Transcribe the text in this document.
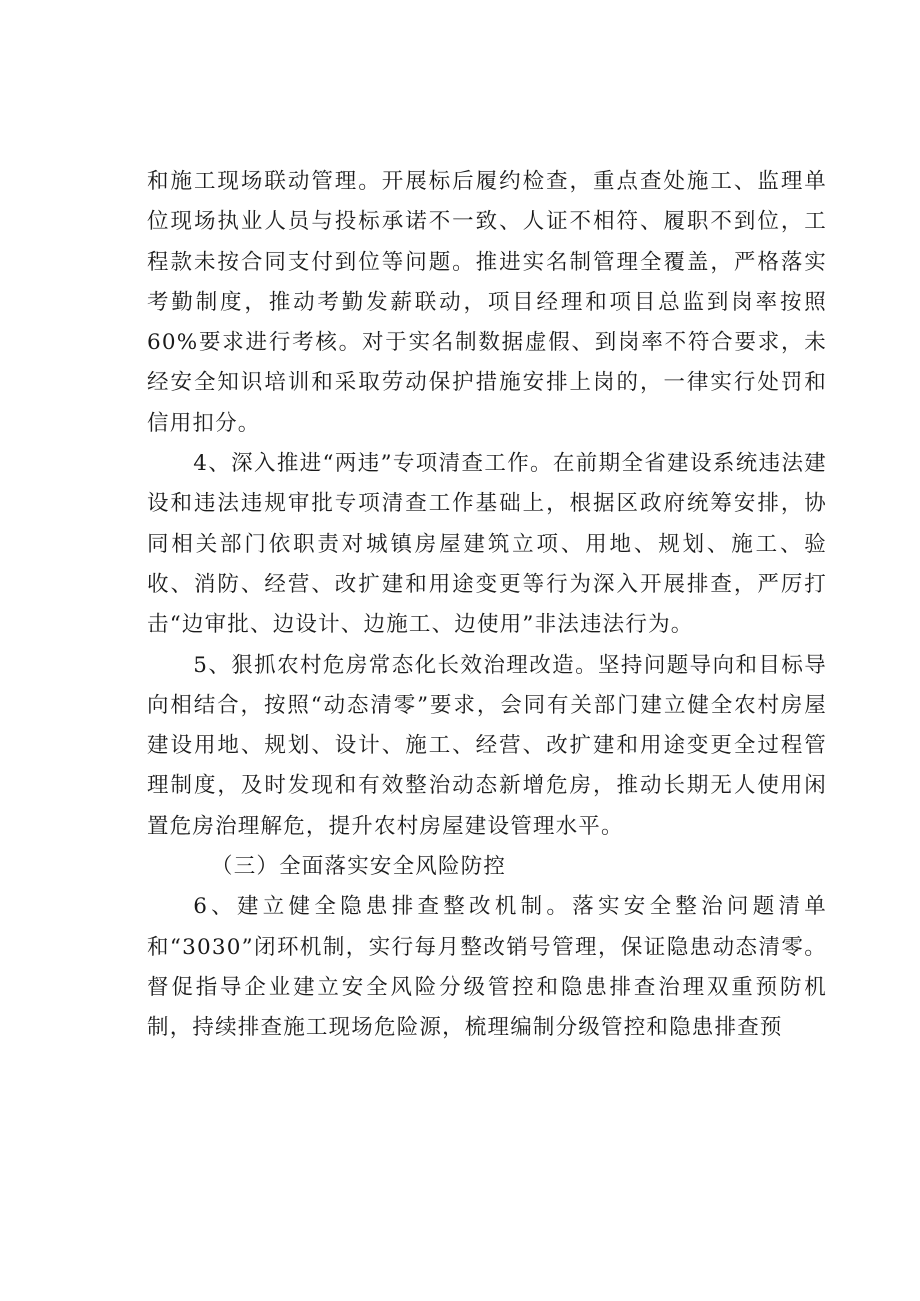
和施工现场联动管理。开展标后履约检查，重点查处施工、监理单位现场执业人员与投标承诺不一致、人证不相符、履职不到位，工程款未按合同支付到位等问题。推进实名制管理全覆盖，严格落实考勤制度，推动考勤发薪联动，项目经理和项目总监到岗率按照60%要求进行考核。对于实名制数据虚假、到岗率不符合要求，未经安全知识培训和采取劳动保护措施安排上岗的，一律实行处罚和信用扣分。

4、深入推进“两违”专项清查工作。在前期全省建设系统违法建设和违法违规审批专项清查工作基础上，根据区政府统筹安排，协同相关部门依职责对城镇房屋建筑立项、用地、规划、施工、验收、消防、经营、改扩建和用途变更等行为深入开展排查，严厉打击“边审批、边设计、边施工、边使用”非法违法行为。

5、狠抓农村危房常态化长效治理改造。坚持问题导向和目标导向相结合，按照“动态清零”要求，会同有关部门建立健全农村房屋建设用地、规划、设计、施工、经营、改扩建和用途变更全过程管理制度，及时发现和有效整治动态新增危房，推动长期无人使用闲置危房治理解危，提升农村房屋建设管理水平。

（三）全面落实安全风险防控

6、建立健全隐患排查整改机制。落实安全整治问题清单和“3030”闭环机制，实行每月整改销号管理，保证隐患动态清零。督促指导企业建立安全风险分级管控和隐患排查治理双重预防机制，持续排查施工现场危险源，梳理编制分级管控和隐患排查预
